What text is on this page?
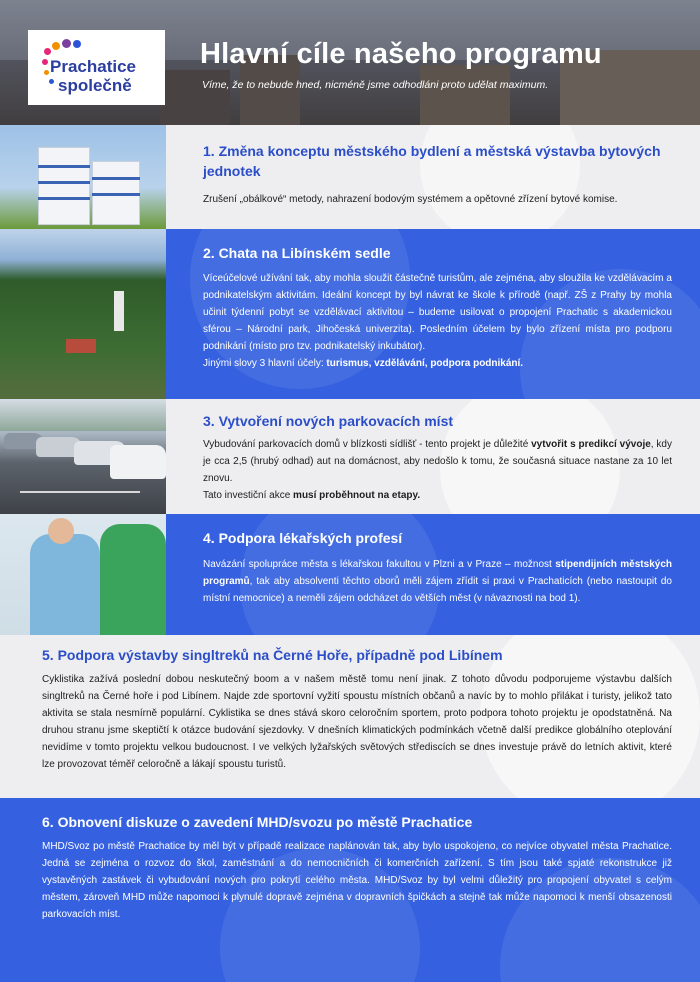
Prachatice
společně
Hlavní cíle našeho programu
Víme, že to nebude hned, nicméně jsme odhodláni proto udělat maximum.
1. Změna konceptu městského bydlení a městská výstavba bytových jednotek

Zrušení „obálkové“ metody, nahrazení bodovým systémem a opětovné zřízení bytové komise.

2. Chata na Libínském sedle

Víceúčelové užívání tak, aby mohla sloužit částečně turistům, ale zejména, aby sloužila ke vzdělávacím a podnikatelským aktivitám. Ideální koncept by byl návrat ke škole k přírodě (např. ZŠ z Prahy by mohla učinit týdenní pobyt se vzdělávací aktivitou – budeme usilovat o propojení Prachatic s akademickou sférou – Národní park, Jihočeská univerzita). Posledním účelem by bylo zřízení místa pro podporu podnikání (místo pro tzv. podnikatelský inkubátor).
Jinými slovy 3 hlavní účely: turismus, vzdělávání, podpora podnikání.

3. Vytvoření nových parkovacích míst

Vybudování parkovacích domů v blízkosti sídlišť - tento projekt je důležité vytvořit s predikcí vývoje, kdy je cca 2,5 (hrubý odhad) aut na domácnost, aby nedošlo k tomu, že současná situace nastane za 10 let znovu.
Tato investiční akce musí proběhnout na etapy.

4. Podpora lékařských profesí

Navázání spolupráce města s lékařskou fakultou v Plzni a v Praze – možnost stipendijních městských programů, tak aby absolventi těchto oborů měli zájem zřídit si praxi v Prachaticích (nebo nastoupit do místní nemocnice) a neměli zájem odcházet do větších měst (v návaznosti na bod 1).

5. Podpora výstavby singltreků na Černé Hoře, případně pod Libínem

Cyklistika zažívá poslední dobou neskutečný boom a v našem městě tomu není jinak. Z tohoto důvodu podporujeme výstavbu dalších singltreků na Černé hoře i pod Libínem. Najde zde sportovní vyžití spoustu místních občanů a navíc by to mohlo přilákat i turisty, jelikož tato aktivita se stala nesmírně populární. Cyklistika se dnes stává skoro celoročním sportem, proto podpora tohoto projektu je opodstatněná. Na druhou stranu jsme skeptičtí k otázce budování sjezdovky. V dnešních klimatických podmínkách včetně další predikce globálního oteplování nevidíme v tomto projektu velkou budoucnost. I ve velkých lyžařských světových střediscích se dnes investuje právě do letních aktivit, které lze provozovat téměř celoročně a lákají spoustu turistů.

6. Obnovení diskuze o zavedení MHD/svozu po městě Prachatice

MHD/Svoz po městě Prachatice by měl být v případě realizace naplánován tak, aby bylo uspokojeno, co nejvíce obyvatel města Prachatice. Jedná se zejména o rozvoz do škol, zaměstnání a do nemocničních či komerčních zařízení. S tím jsou také spjaté rekonstrukce již vystavěných zastávek či vybudování nových pro pokrytí celého města. MHD/Svoz by byl velmi důležitý pro propojení obyvatel s celým městem, zároveň MHD může napomoci k plynulé dopravě zejména v dopravních špičkách a stejně tak může napomoci k menší obsazenosti parkovacích míst.
